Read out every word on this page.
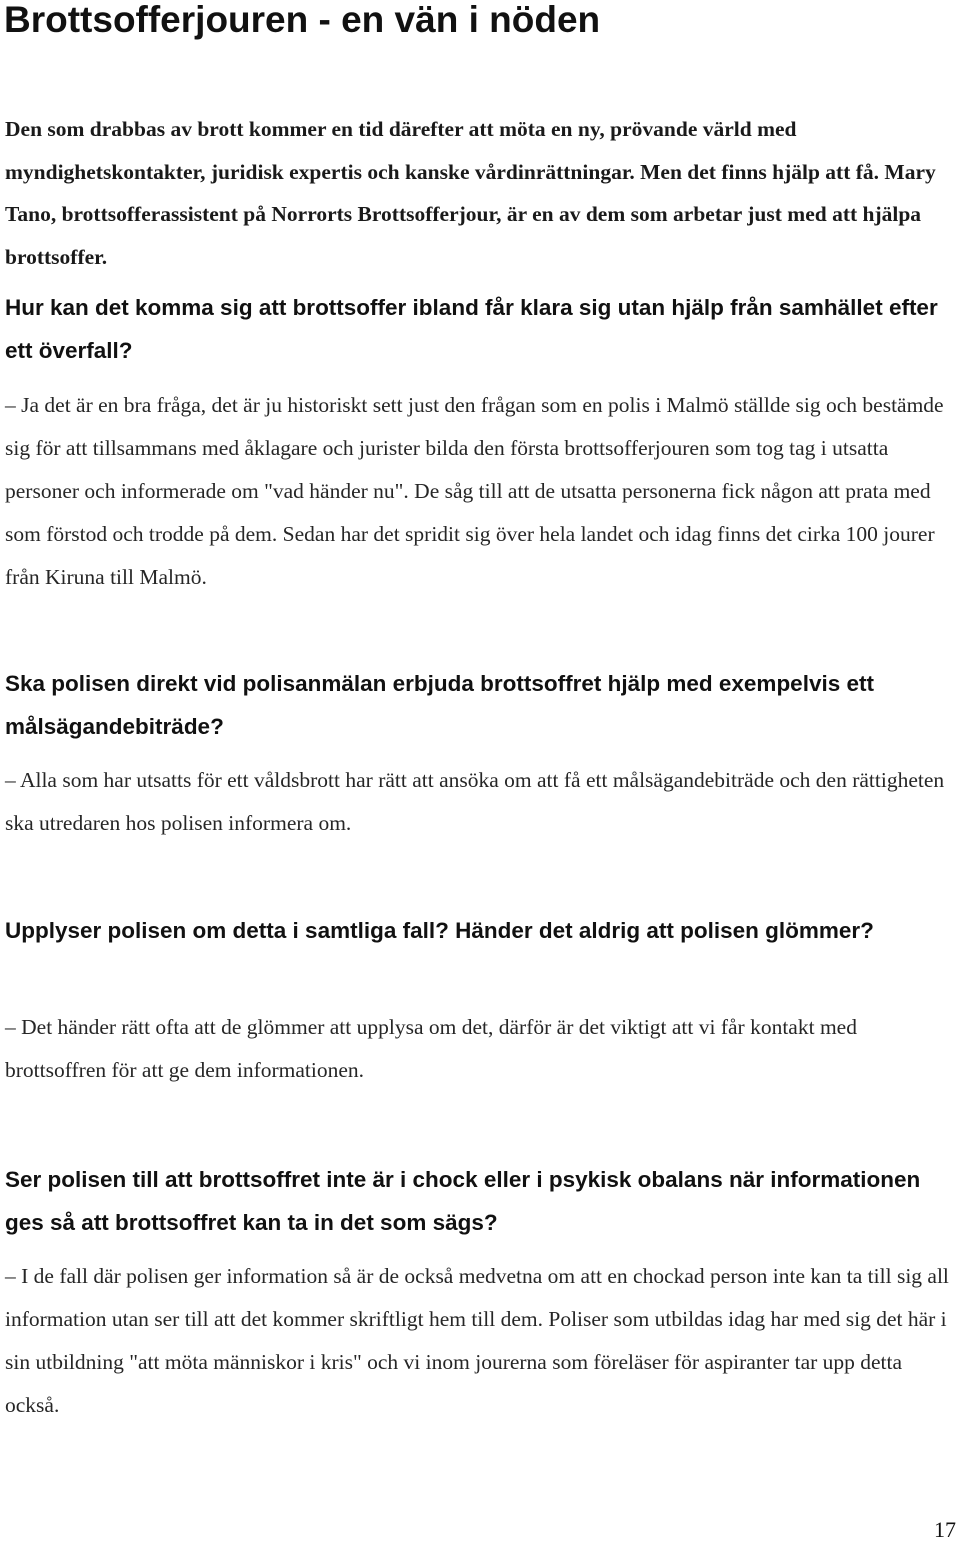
Brottsofferjouren - en vän i nöden

Den som drabbas av brott kommer en tid därefter att möta en ny, prövande värld med myndighetskontakter, juridisk expertis och kanske vårdinrättningar. Men det finns hjälp att få. Mary Tano, brottsofferassistent på Norrorts Brottsofferjour, är en av dem som arbetar just med att hjälpa brottsoffer.

Hur kan det komma sig att brottsoffer ibland får klara sig utan hjälp från samhället efter ett överfall?

– Ja det är en bra fråga, det är ju historiskt sett just den frågan som en polis i Malmö ställde sig och bestämde sig för att tillsammans med åklagare och jurister bilda den första brottsofferjouren som tog tag i utsatta personer och informerade om "vad händer nu". De såg till att de utsatta personerna fick någon att prata med som förstod och trodde på dem. Sedan har det spridit sig över hela landet och idag finns det cirka 100 jourer från Kiruna till Malmö.

Ska polisen direkt vid polisanmälan erbjuda brottsoffret hjälp med exempelvis ett målsägandebiträde?

– Alla som har utsatts för ett våldsbrott har rätt att ansöka om att få ett målsägandebiträde och den rättigheten ska utredaren hos polisen informera om.

Upplyser polisen om detta i samtliga fall? Händer det aldrig att polisen glömmer?

– Det händer rätt ofta att de glömmer att upplysa om det, därför är det viktigt att vi får kontakt med brottsoffren för att ge dem informationen.

Ser polisen till att brottsoffret inte är i chock eller i psykisk obalans när informationen ges så att brottsoffret kan ta in det som sägs?

– I de fall där polisen ger information så är de också medvetna om att en chockad person inte kan ta till sig all information utan ser till att det kommer skriftligt hem till dem. Poliser som utbildas idag har med sig det här i sin utbildning "att möta människor i kris" och vi inom jourerna som föreläser för aspiranter tar upp detta också.

17
